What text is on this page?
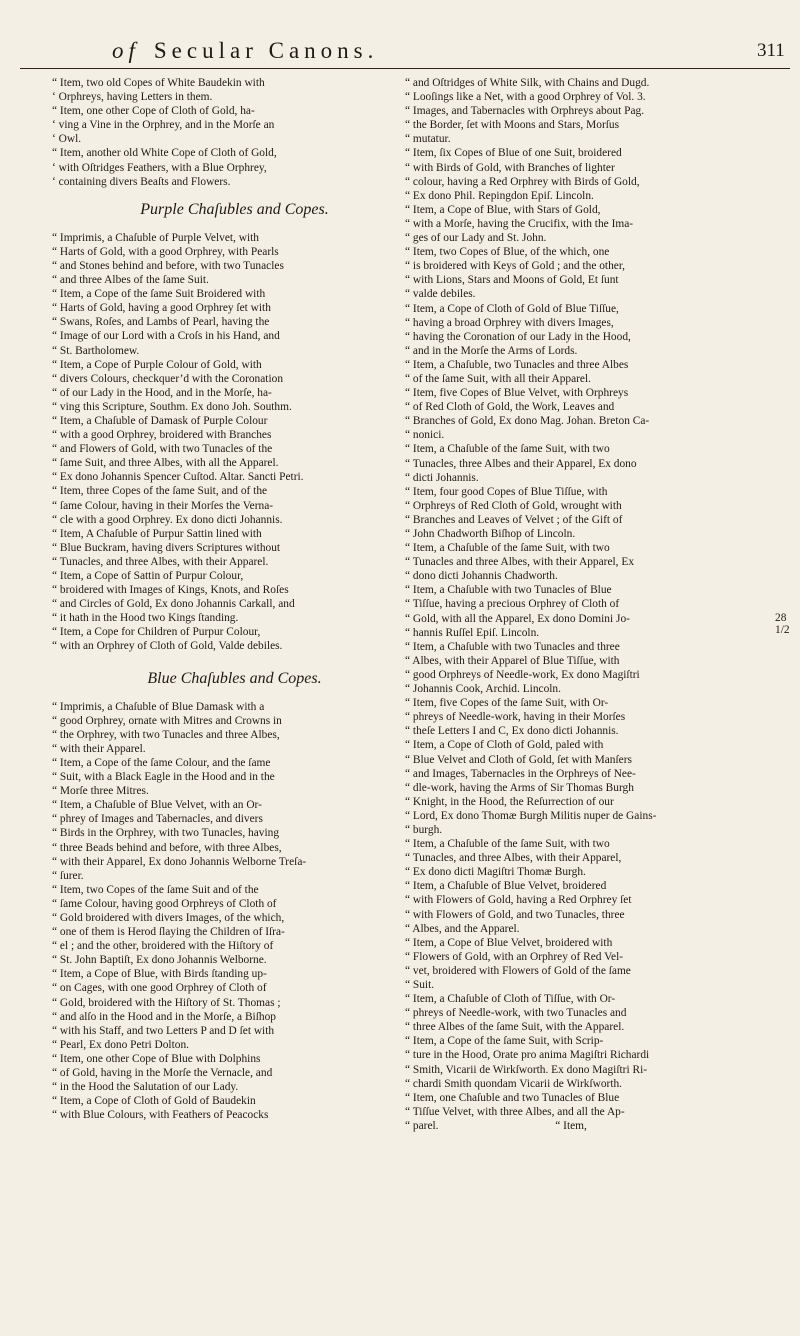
of Secular Canons.	311

“ Item, two old Copes of White Baudekin with

‘ Orphreys, having Letters in them.

“ Item, one other Cope of Cloth of Gold, ha-

‘ ving a Vine in the Orphrey, and in the Morſe an

‘ Owl.

“ Item, another old White Cope of Cloth of Gold,

‘ with Oſtridges Feathers, with a Blue Orphrey,

‘ containing divers Beaſts and Flowers.

Purple Chaſubles and Copes.

“ Imprimis, a Chaſuble of Purple Velvet, with

“ Harts of Gold, with a good Orphrey, with Pearls

“ and Stones behind and before, with two Tunacles

“ and three Albes of the ſame Suit.

“ Item, a Cope of the ſame Suit Broidered with

“ Harts of Gold, having a good Orphrey ſet with

“ Swans, Roſes, and Lambs of Pearl, having the

“ Image of our Lord with a Croſs in his Hand, and

“ St. Bartholomew.

“ Item, a Cope of Purple Colour of Gold, with

“ divers Colours, checkquer’d with the Coronation

“ of our Lady in the Hood, and in the Morſe, ha-

“ ving this Scripture, Southm. Ex dono Joh. Southm.

“ Item, a Chaſuble of Damask of Purple Colour

“ with a good Orphrey, broidered with Branches

“ and Flowers of Gold, with two Tunacles of the

“ ſame Suit, and three Albes, with all the Apparel.

“ Ex dono Johannis Spencer Cuſtod. Altar. Sancti Petri.

“ Item, three Copes of the ſame Suit, and of the

“ ſame Colour, having in their Morſes the Verna-

“ cle with a good Orphrey. Ex dono dicti Johannis.

“ Item, A Chaſuble of Purpur Sattin lined with

“ Blue Buckram, having divers Scriptures without

“ Tunacles, and three Albes, with their Apparel.

“ Item, a Cope of Sattin of Purpur Colour,

“ broidered with Images of Kings, Knots, and Roſes

“ and Circles of Gold, Ex dono Johannis Carkall, and

“ it hath in the Hood two Kings ſtanding.

“ Item, a Cope for Children of Purpur Colour,

“ with an Orphrey of Cloth of Gold, Valde debiles.

Blue Chaſubles and Copes.

“ Imprimis, a Chaſuble of Blue Damask with a

“ good Orphrey, ornate with Mitres and Crowns in

“ the Orphrey, with two Tunacles and three Albes,

“ with their Apparel.

“ Item, a Cope of the ſame Colour, and the ſame

“ Suit, with a Black Eagle in the Hood and in the

“ Morſe three Mitres.

“ Item, a Chaſuble of Blue Velvet, with an Or-

“ phrey of Images and Tabernacles, and divers

“ Birds in the Orphrey, with two Tunacles, having

“ three Beads behind and before, with three Albes,

“ with their Apparel, Ex dono Johannis Welborne Treſa-

“ ſurer.

“ Item, two Copes of the ſame Suit and of the

“ ſame Colour, having good Orphreys of Cloth of

“ Gold broidered with divers Images, of the which,

“ one of them is Herod ſlaying the Children of Iſra-

“ el ; and the other, broidered with the Hiſtory of

“ St. John Baptiſt, Ex dono Johannis Welborne.

“ Item, a Cope of Blue, with Birds ſtanding up-

“ on Cages, with one good Orphrey of Cloth of

“ Gold, broidered with the Hiſtory of St. Thomas ;

“ and alſo in the Hood and in the Morſe, a Biſhop

“ with his Staff, and two Letters P and D ſet with

“ Pearl, Ex dono Petri Dolton.

“ Item, one other Cope of Blue with Dolphins

“ of Gold, having in the Morſe the Vernacle, and

“ in the Hood the Salutation of our Lady.

“ Item, a Cope of Cloth of Gold of Baudekin

“ with Blue Colours, with Feathers of Peacocks

“ and Oſtridges of White Silk, with Chains and Dugd.

“ Looſings like a Net, with a good Orphrey of Vol. 3.

“ Images, and Tabernacles with Orphreys about Pag.

“ the Border, ſet with Moons and Stars, Morſus

“ mutatur.

“ Item, ſix Copes of Blue of one Suit, broidered

“ with Birds of Gold, with Branches of lighter

“ colour, having a Red Orphrey with Birds of Gold,

“ Ex dono Phil. Repingdon Epiſ. Lincoln.

“ Item, a Cope of Blue, with Stars of Gold,

“ with a Morſe, having the Crucifix, with the Ima-

“ ges of our Lady and St. John.

“ Item, two Copes of Blue, of the which, one

“ is broidered with Keys of Gold ; and the other,

“ with Lions, Stars and Moons of Gold, Et ſunt

“ valde debiles.

“ Item, a Cope of Cloth of Gold of Blue Tiſſue,

“ having a broad Orphrey with divers Images,

“ having the Coronation of our Lady in the Hood,

“ and in the Morſe the Arms of Lords.

“ Item, a Chaſuble, two Tunacles and three Albes

“ of the ſame Suit, with all their Apparel.

“ Item, five Copes of Blue Velvet, with Orphreys

“ of Red Cloth of Gold, the Work, Leaves and

“ Branches of Gold, Ex dono Mag. Johan. Breton Ca-

“ nonici.

“ Item, a Chaſuble of the ſame Suit, with two

“ Tunacles, three Albes and their Apparel, Ex dono

“ dicti Johannis.

“ Item, four good Copes of Blue Tiſſue, with

“ Orphreys of Red Cloth of Gold, wrought with

“ Branches and Leaves of Velvet ; of the Gift of

“ John Chadworth Biſhop of Lincoln.

“ Item, a Chaſuble of the ſame Suit, with two

“ Tunacles and three Albes, with their Apparel, Ex

“ dono dicti Johannis Chadworth.

“ Item, a Chaſuble with two Tunacles of Blue

“ Tiſſue, having a precious Orphrey of Cloth of

“ Gold, with all the Apparel, Ex dono Domini Jo-

“ hannis Ruſſel Epiſ. Lincoln.

“ Item, a Chaſuble with two Tunacles and three

“ Albes, with their Apparel of Blue Tiſſue, with

“ good Orphreys of Needle-work, Ex dono Magiſtri

“ Johannis Cook, Archid. Lincoln.

“ Item, five Copes of the ſame Suit, with Or-

“ phreys of Needle-work, having in their Morſes

“ theſe Letters I and C, Ex dono dicti Johannis.

“ Item, a Cope of Cloth of Gold, paled with

“ Blue Velvet and Cloth of Gold, ſet with Manſers

“ and Images, Tabernacles in the Orphreys of Nee-

“ dle-work, having the Arms of Sir Thomas Burgh

“ Knight, in the Hood, the Reſurrection of our

“ Lord, Ex dono Thomæ Burgh Militis nuper de Gains-

“ burgh.

“ Item, a Chaſuble of the ſame Suit, with two

“ Tunacles, and three Albes, with their Apparel,

“ Ex dono dicti Magiſtri Thomæ Burgh.

“ Item, a Chaſuble of Blue Velvet, broidered

“ with Flowers of Gold, having a Red Orphrey ſet

“ with Flowers of Gold, and two Tunacles, three

“ Albes, and the Apparel.

“ Item, a Cope of Blue Velvet, broidered with

“ Flowers of Gold, with an Orphrey of Red Vel-

“ vet, broidered with Flowers of Gold of the ſame

“ Suit.

“ Item, a Chaſuble of Cloth of Tiſſue, with Or-

“ phreys of Needle-work, with two Tunacles and

“ three Albes of the ſame Suit, with the Apparel.

“ Item, a Cope of the ſame Suit, with Scrip-

“ ture in the Hood, Orate pro anima Magiſtri Richardi

“ Smith, Vicarii de Wirkſworth. Ex dono Magiſtri Ri-

“ chardi Smith quondam Vicarii de Wirkſworth.

“ Item, one Chaſuble and two Tunacles of Blue

“ Tiſſue Velvet, with three Albes, and all the Ap-

“ parel.                                         “ Item,

28 1/2
